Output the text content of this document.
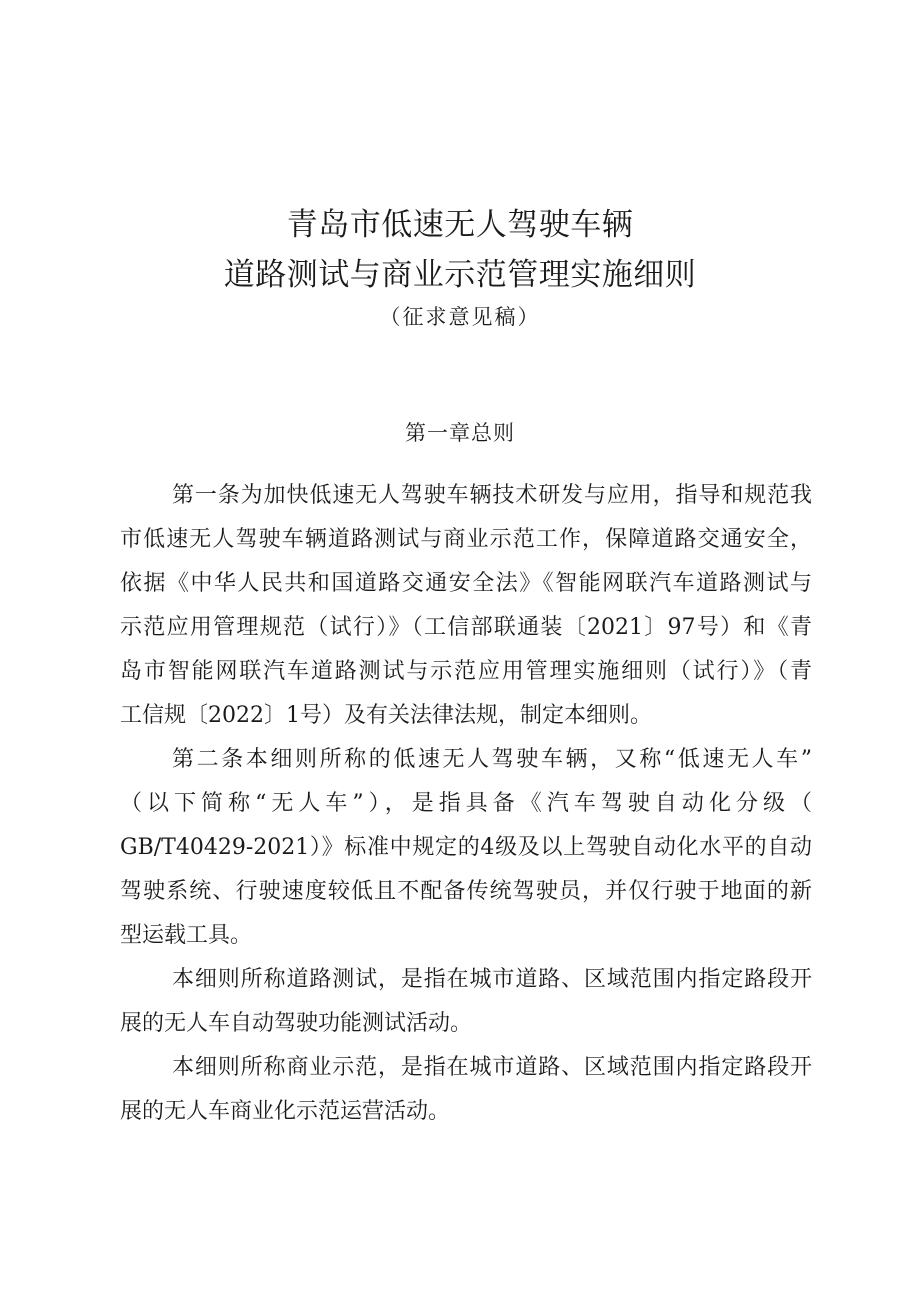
青岛市低速无人驾驶车辆
道路测试与商业示范管理实施细则
（征求意见稿）
第一章总则
第一条为加快低速无人驾驶车辆技术研发与应用，指导和规范我
市低速无人驾驶车辆道路测试与商业示范工作，保障道路交通安全，
依据《中华人民共和国道路交通安全法》《智能网联汽车道路测试与
示范应用管理规范（试行）》（工信部联通装〔2021〕97号）和《青
岛市智能网联汽车道路测试与示范应用管理实施细则（试行）》（青
工信规〔2022〕1号）及有关法律法规，制定本细则。
第二条本细则所称的低速无人驾驶车辆，又称“低速无人车”
（以下简称“无人车”），是指具备《汽车驾驶自动化分级（
GB/T40429-2021）》标准中规定的4级及以上驾驶自动化水平的自动
驾驶系统、行驶速度较低且不配备传统驾驶员，并仅行驶于地面的新
型运载工具。
本细则所称道路测试，是指在城市道路、区域范围内指定路段开
展的无人车自动驾驶功能测试活动。
本细则所称商业示范，是指在城市道路、区域范围内指定路段开
展的无人车商业化示范运营活动。
